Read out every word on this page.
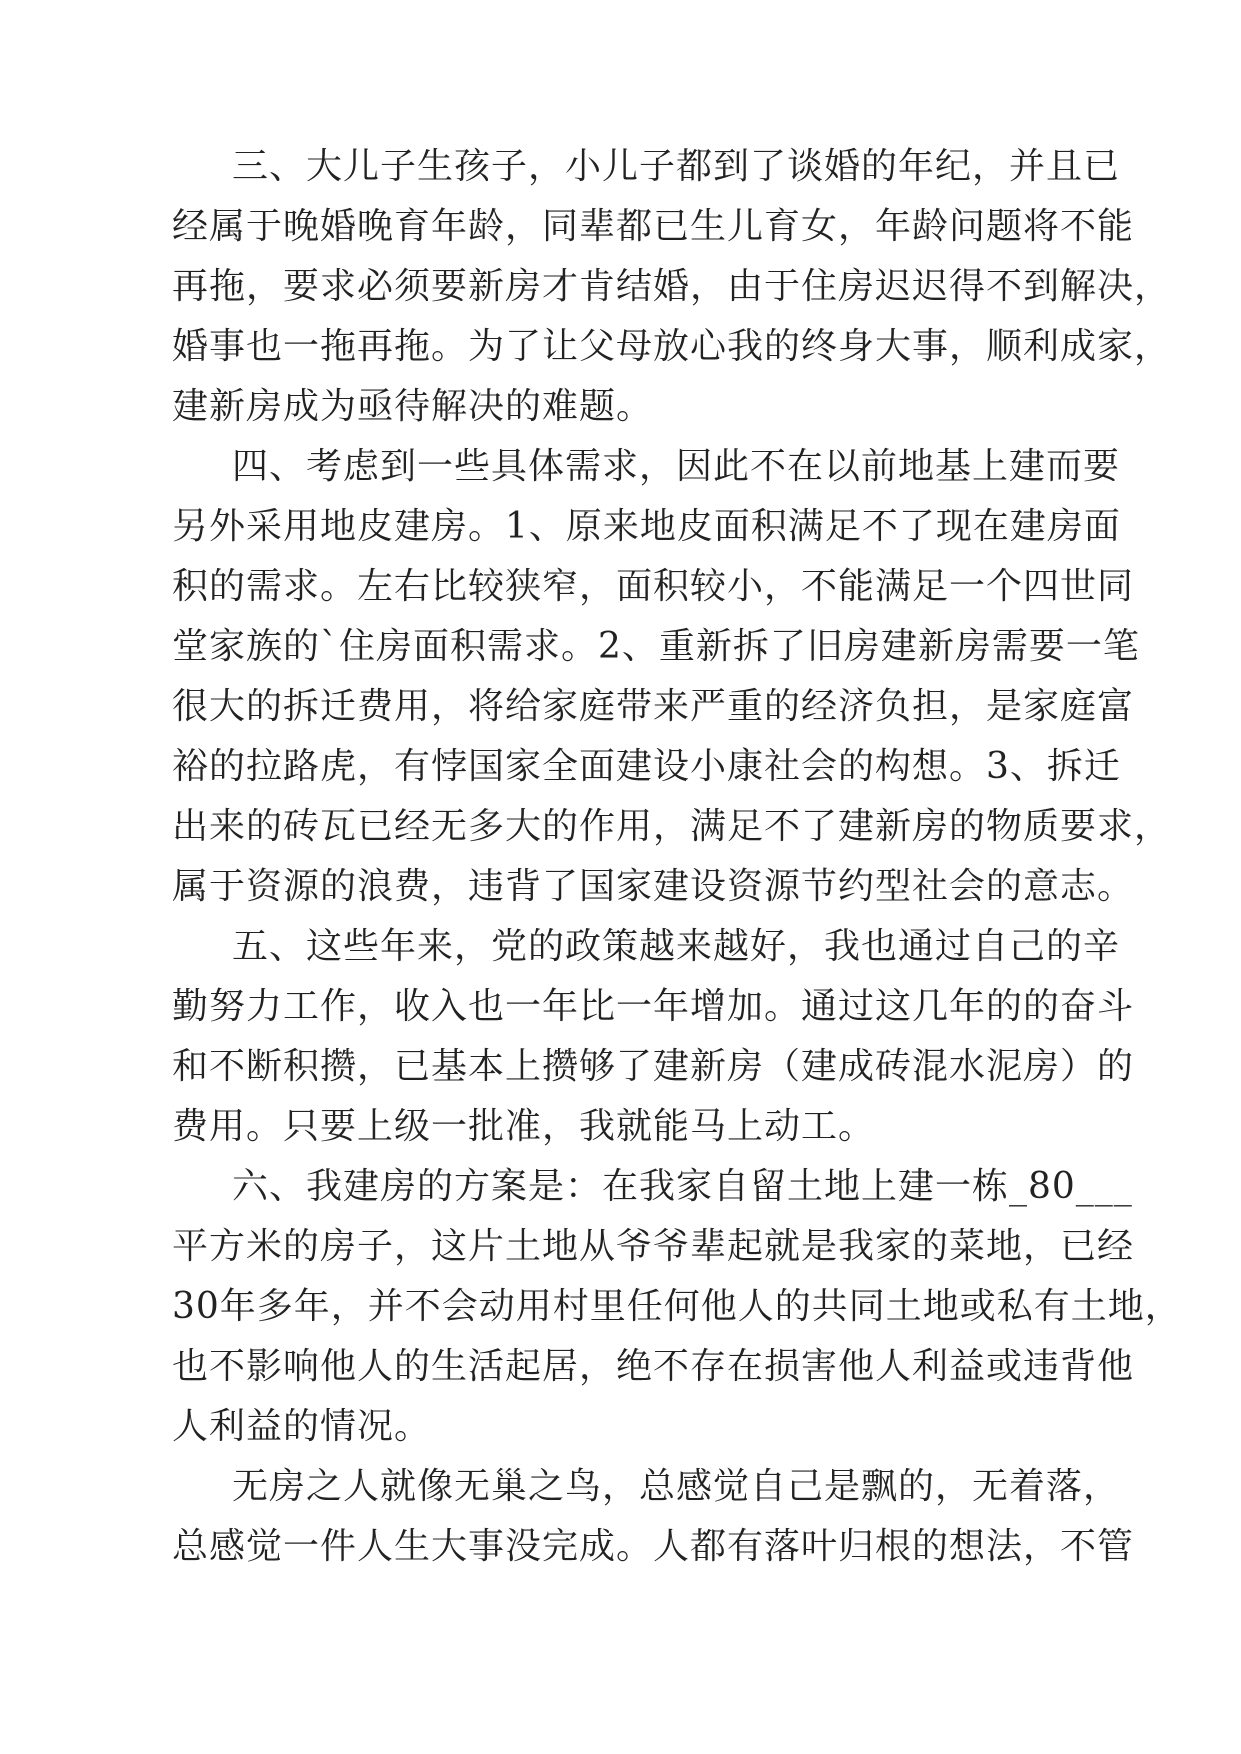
三、大儿子生孩子，小儿子都到了谈婚的年纪，并且已
经属于晚婚晚育年龄，同辈都已生儿育女，年龄问题将不能
再拖，要求必须要新房才肯结婚，由于住房迟迟得不到解决，
婚事也一拖再拖。为了让父母放心我的终身大事，顺利成家，
建新房成为亟待解决的难题。
四、考虑到一些具体需求，因此不在以前地基上建而要
另外采用地皮建房。1、原来地皮面积满足不了现在建房面
积的需求。左右比较狭窄，面积较小，不能满足一个四世同
堂家族的`住房面积需求。2、重新拆了旧房建新房需要一笔
很大的拆迁费用，将给家庭带来严重的经济负担，是家庭富
裕的拉路虎，有悖国家全面建设小康社会的构想。3、拆迁
出来的砖瓦已经无多大的作用，满足不了建新房的物质要求，
属于资源的浪费，违背了国家建设资源节约型社会的意志。
五、这些年来，党的政策越来越好，我也通过自己的辛
勤努力工作，收入也一年比一年增加。通过这几年的的奋斗
和不断积攒，已基本上攒够了建新房（建成砖混水泥房）的
费用。只要上级一批准，我就能马上动工。
六、我建房的方案是：在我家自留土地上建一栋_80___
平方米的房子，这片土地从爷爷辈起就是我家的菜地，已经
30年多年，并不会动用村里任何他人的共同土地或私有土地，
也不影响他人的生活起居，绝不存在损害他人利益或违背他
人利益的情况。
无房之人就像无巢之鸟，总感觉自己是飘的，无着落，
总感觉一件人生大事没完成。人都有落叶归根的想法，不管
